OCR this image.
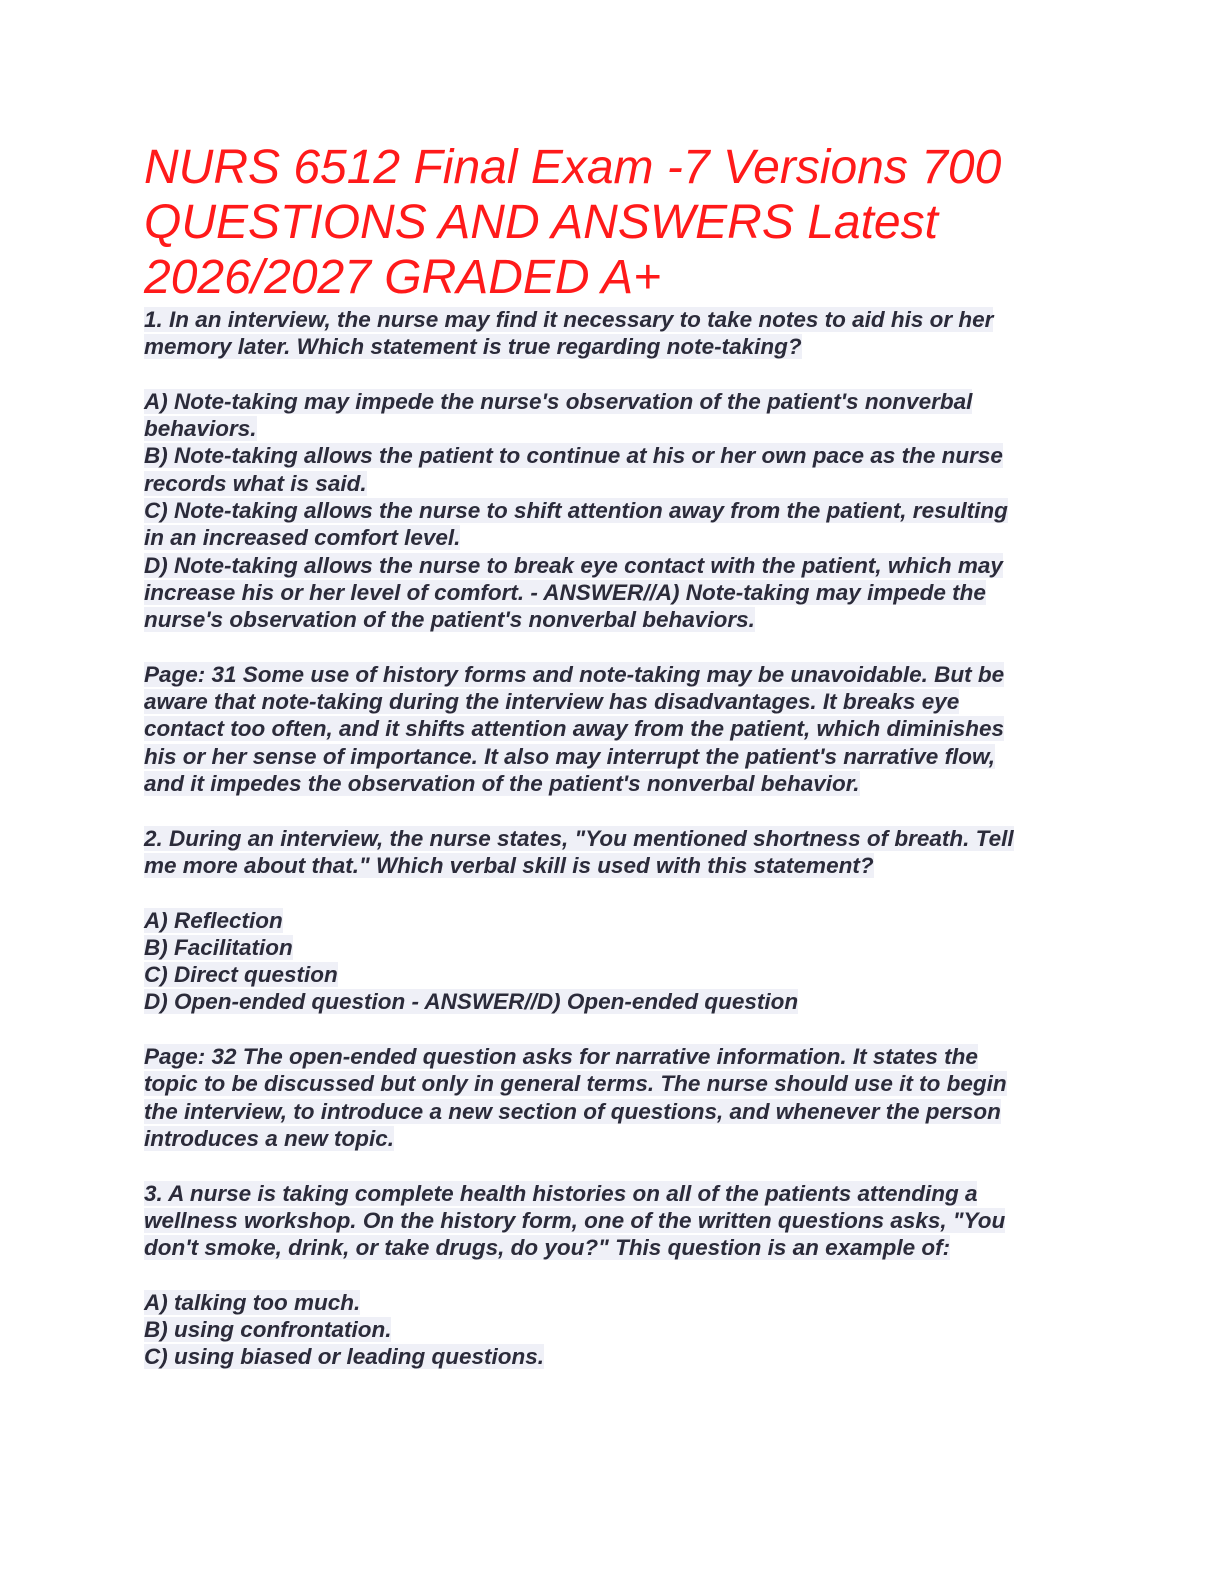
NURS 6512 Final Exam -7 Versions 700
QUESTIONS AND ANSWERS Latest
2026/2027 GRADED A+
1. In an interview, the nurse may find it necessary to take notes to aid his or her
memory later. Which statement is true regarding note-taking?
A) Note-taking may impede the nurse's observation of the patient's nonverbal
behaviors.
B) Note-taking allows the patient to continue at his or her own pace as the nurse
records what is said.
C) Note-taking allows the nurse to shift attention away from the patient, resulting
in an increased comfort level.
D) Note-taking allows the nurse to break eye contact with the patient, which may
increase his or her level of comfort. - ANSWER//A) Note-taking may impede the
nurse's observation of the patient's nonverbal behaviors.
Page: 31 Some use of history forms and note-taking may be unavoidable. But be
aware that note-taking during the interview has disadvantages. It breaks eye
contact too often, and it shifts attention away from the patient, which diminishes
his or her sense of importance. It also may interrupt the patient's narrative flow,
and it impedes the observation of the patient's nonverbal behavior.
2. During an interview, the nurse states, "You mentioned shortness of breath. Tell
me more about that." Which verbal skill is used with this statement?
A) Reflection
B) Facilitation
C) Direct question
D) Open-ended question - ANSWER//D) Open-ended question
Page: 32 The open-ended question asks for narrative information. It states the
topic to be discussed but only in general terms. The nurse should use it to begin
the interview, to introduce a new section of questions, and whenever the person
introduces a new topic.
3. A nurse is taking complete health histories on all of the patients attending a
wellness workshop. On the history form, one of the written questions asks, "You
don't smoke, drink, or take drugs, do you?" This question is an example of:
A) talking too much.
B) using confrontation.
C) using biased or leading questions.
